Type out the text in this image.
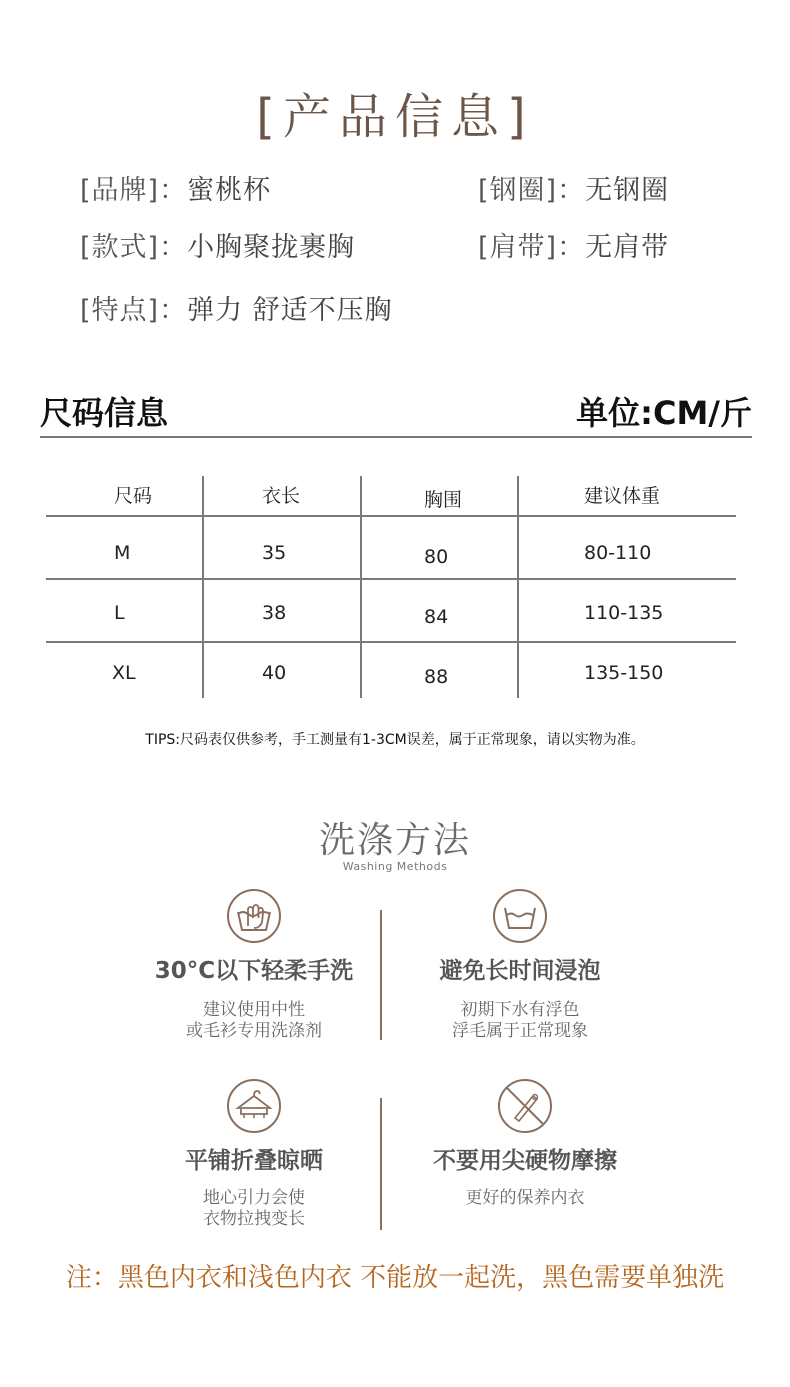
[产品信息]
[品牌]：蜜桃杯	[钢圈]：无钢圈
[款式]：小胸聚拢裹胸	[肩带]：无肩带
[特点]：弹力 舒适不压胸
尺码信息	单位:CM/斤
尺码	衣长	胸围	建议体重
M	35	80	80-110
L	38	84	110-135
XL	40	88	135-150
TIPS:尺码表仅供参考，手工测量有1-3CM误差，属于正常现象，请以实物为准。
洗涤方法
Washing Methods
30°C以下轻柔手洗
建议使用中性
或毛衫专用洗涤剂
避免长时间浸泡
初期下水有浮色
浮毛属于正常现象
平铺折叠晾晒
地心引力会使
衣物拉拽变长
不要用尖硬物摩擦
更好的保养内衣
注：黑色内衣和浅色内衣 不能放一起洗，黑色需要单独洗
